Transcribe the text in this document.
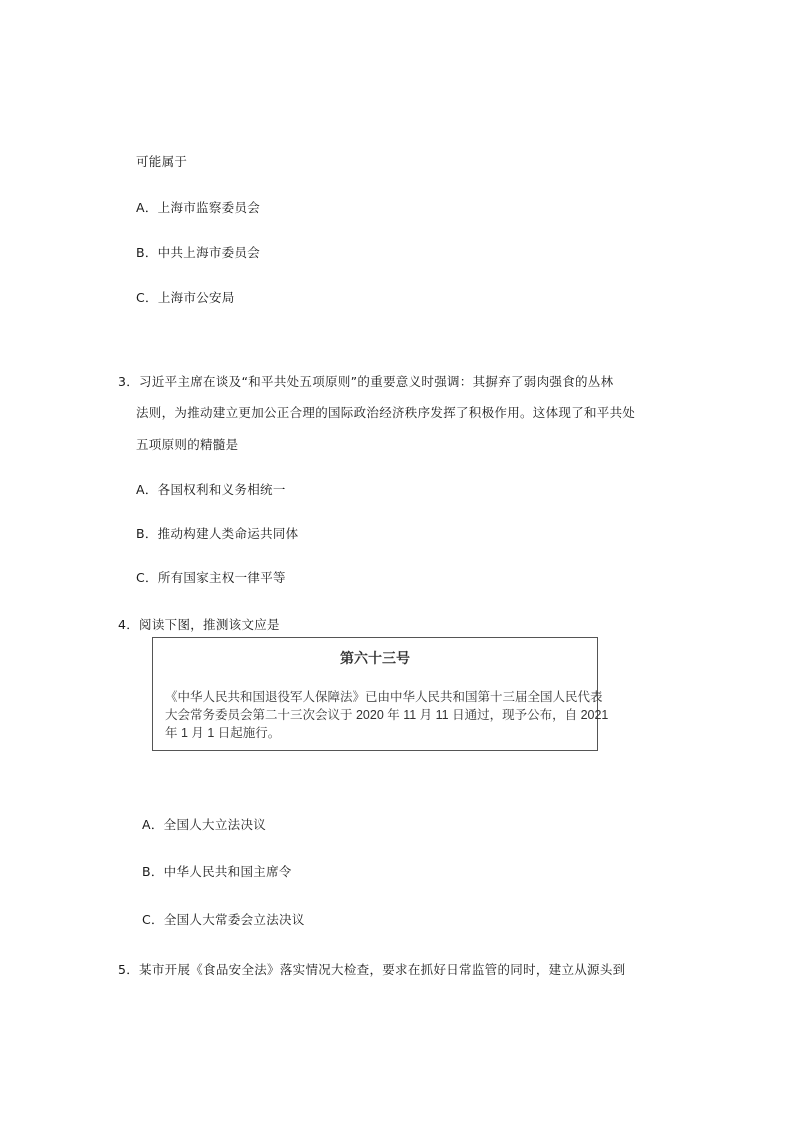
可能属于
A．上海市监察委员会
B．中共上海市委员会
C．上海市公安局
3．习近平主席在谈及“和平共处五项原则”的重要意义时强调：其摒弃了弱肉强食的丛林
法则，为推动建立更加公正合理的国际政治经济秩序发挥了积极作用。这体现了和平共处
五项原则的精髓是
A．各国权利和义务相统一
B．推动构建人类命运共同体
C．所有国家主权一律平等
4．阅读下图，推测该文应是
第六十三号
《中华人民共和国退役军人保障法》已由中华人民共和国第十三届全国人民代表
大会常务委员会第二十三次会议于 2020 年 11 月 11 日通过，现予公布，自 2021
年 1 月 1 日起施行。
A．全国人大立法决议
B．中华人民共和国主席令
C．全国人大常委会立法决议
5．某市开展《食品安全法》落实情况大检查，要求在抓好日常监管的同时，建立从源头到
